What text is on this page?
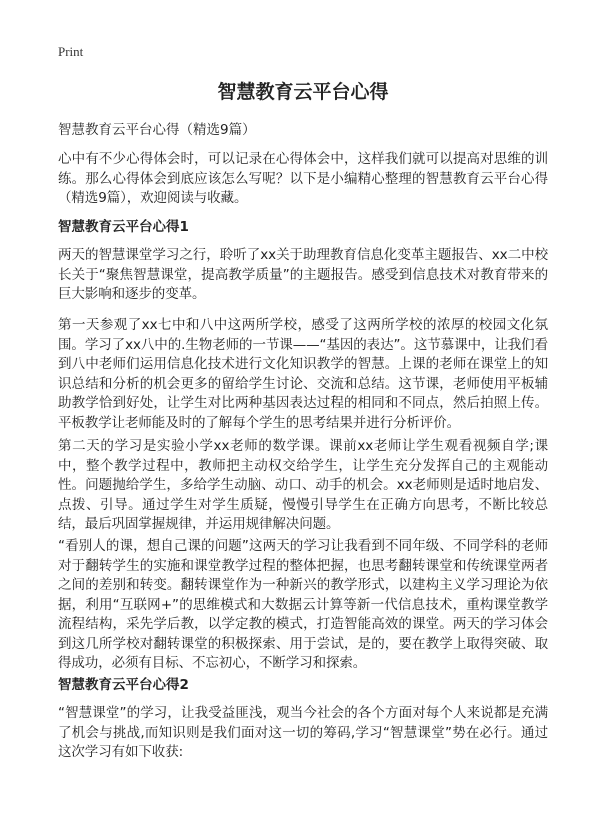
Print
智慧教育云平台心得
智慧教育云平台心得（精选9篇）

心中有不少心得体会时，可以记录在心得体会中，这样我们就可以提高对思维的训练。那么心得体会到底应该怎么写呢？以下是小编精心整理的智慧教育云平台心得（精选9篇），欢迎阅读与收藏。

智慧教育云平台心得1

两天的智慧课堂学习之行，聆听了xx关于助理教育信息化变革主题报告、xx二中校长关于“聚焦智慧课堂，提高教学质量”的主题报告。感受到信息技术对教育带来的巨大影响和逐步的变革。

第一天参观了xx七中和八中这两所学校，感受了这两所学校的浓厚的校园文化氛围。学习了xx八中的.生物老师的一节课——“基因的表达”。这节慕课中，让我们看到八中老师们运用信息化技术进行文化知识教学的智慧。上课的老师在课堂上的知识总结和分析的机会更多的留给学生讨论、交流和总结。这节课，老师使用平板辅助教学恰到好处，让学生对比两种基因表达过程的相同和不同点，然后拍照上传。平板教学让老师能及时的了解每个学生的思考结果并进行分析评价。

第二天的学习是实验小学xx老师的数学课。课前xx老师让学生观看视频自学;课中，整个教学过程中，教师把主动权交给学生，让学生充分发挥自己的主观能动性。问题抛给学生，多给学生动脑、动口、动手的机会。xx老师则是适时地启发、点拨、引导。通过学生对学生质疑，慢慢引导学生在正确方向思考，不断比较总结，最后巩固掌握规律，并运用规律解决问题。

“看别人的课，想自己课的问题”这两天的学习让我看到不同年级、不同学科的老师对于翻转学生的实施和课堂教学过程的整体把握，也思考翻转课堂和传统课堂两者之间的差别和转变。翻转课堂作为一种新兴的教学形式，以建构主义学习理论为依据，利用“互联网+”的思维模式和大数据云计算等新一代信息技术，重构课堂教学流程结构，采先学后教，以学定教的模式，打造智能高效的课堂。两天的学习体会到这几所学校对翻转课堂的积极探索、用于尝试，是的，要在教学上取得突破、取得成功，必须有目标、不忘初心，不断学习和探索。

智慧教育云平台心得2

“智慧课堂”的学习，让我受益匪浅，观当今社会的各个方面对每个人来说都是充满了机会与挑战,而知识则是我们面对这一切的筹码,学习“智慧课堂”势在必行。通过这次学习有如下收获:
